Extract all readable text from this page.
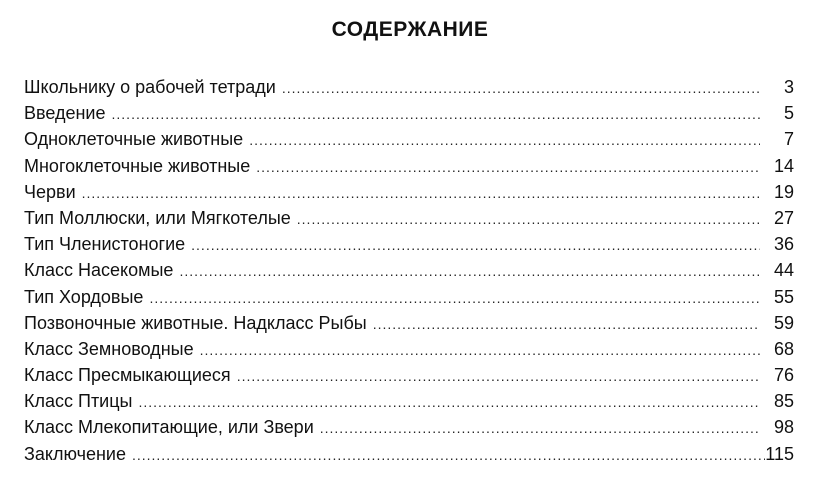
СОДЕРЖАНИЕ
Школьнику о рабочей тетради .....	3
Введение .....	5
Одноклеточные животные .....	7
Многоклеточные животные .....	14
Черви .....	19
Тип Моллюски, или Мягкотелые .....	27
Тип Членистоногие .....	36
Класс Насекомые .....	44
Тип Хордовые .....	55
Позвоночные животные. Надкласс Рыбы .....	59
Класс Земноводные .....	68
Класс Пресмыкающиеся .....	76
Класс Птицы .....	85
Класс Млекопитающие, или Звери .....	98
Заключение .....	115
